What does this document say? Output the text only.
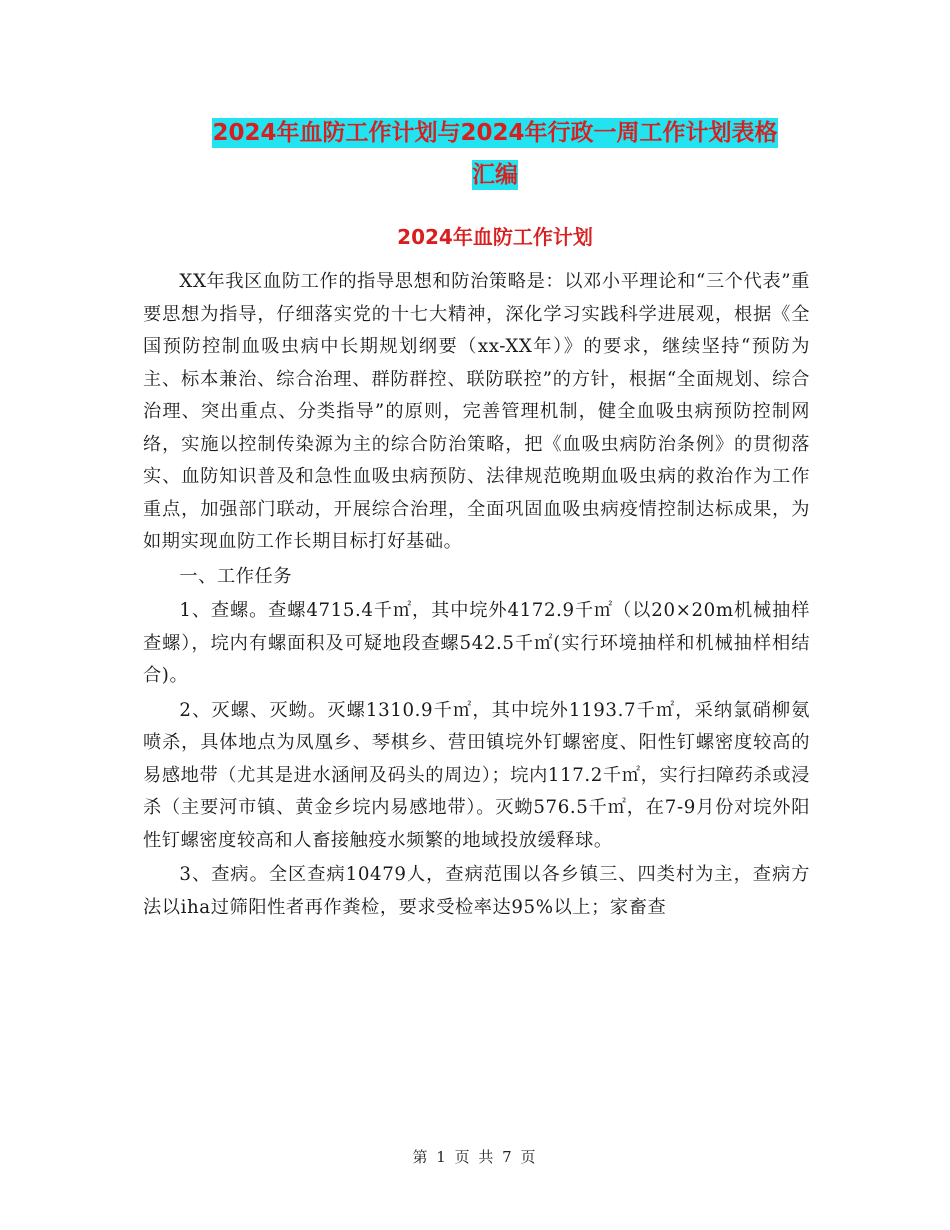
2024年血防工作计划与2024年行政一周工作计划表格
汇编
2024年血防工作计划

XX年我区血防工作的指导思想和防治策略是：以邓小平理论和“三个代表”重要思想为指导，仔细落实党的十七大精神，深化学习实践科学进展观，根据《全国预防控制血吸虫病中长期规划纲要（xx-XX年）》的要求，继续坚持“预防为主、标本兼治、综合治理、群防群控、联防联控”的方针，根据“全面规划、综合治理、突出重点、分类指导”的原则，完善管理机制，健全血吸虫病预防控制网络，实施以控制传染源为主的综合防治策略，把《血吸虫病防治条例》的贯彻落实、血防知识普及和急性血吸虫病预防、法律规范晚期血吸虫病的救治作为工作重点，加强部门联动，开展综合治理，全面巩固血吸虫病疫情控制达标成果，为如期实现血防工作长期目标打好基础。

一、工作任务

1、查螺。查螺4715.4千㎡，其中垸外4172.9千㎡（以20×20m机械抽样查螺），垸内有螺面积及可疑地段查螺542.5千㎡(实行环境抽样和机械抽样相结合)。

2、灭螺、灭蚴。灭螺1310.9千㎡，其中垸外1193.7千㎡，采纳氯硝柳氨喷杀，具体地点为凤凰乡、琴棋乡、营田镇垸外钉螺密度、阳性钉螺密度较高的易感地带（尤其是进水涵闸及码头的周边）；垸内117.2千㎡，实行扫障药杀或浸杀（主要河市镇、黄金乡垸内易感地带）。灭蚴576.5千㎡，在7-9月份对垸外阳性钉螺密度较高和人畜接触疫水频繁的地域投放缓释球。

3、查病。全区查病10479人，查病范围以各乡镇三、四类村为主，查病方法以iha过筛阳性者再作粪检，要求受检率达95%以上；家畜查

第 1 页 共 7 页
